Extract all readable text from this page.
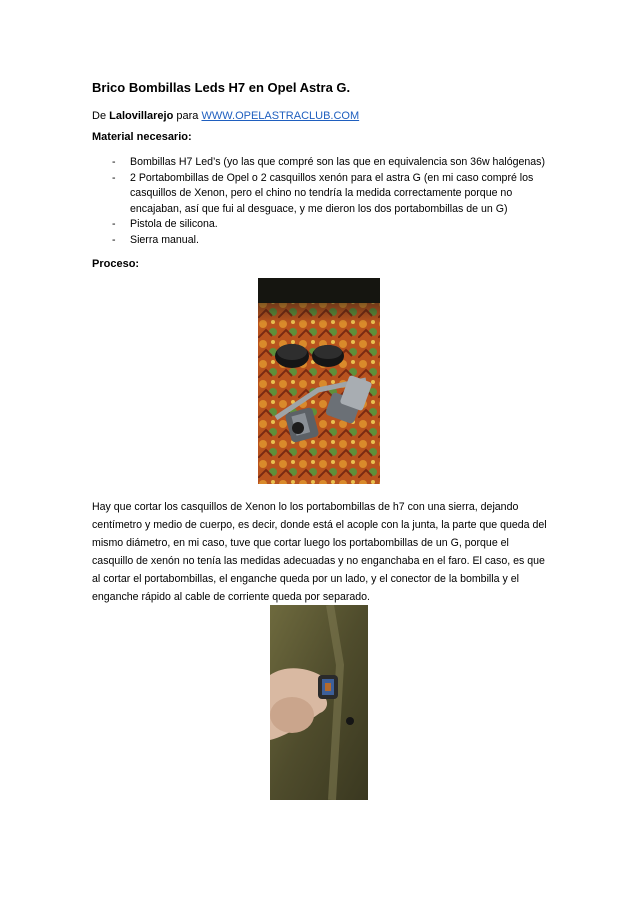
Brico Bombillas Leds H7 en Opel Astra G.
De Lalovillarejo para WWW.OPELASTRACLUB.COM
Material necesario:
- Bombillas H7 Led’s (yo las que compré son las que en equivalencia son 36w halógenas)
- 2 Portabombillas de Opel o 2 casquillos xenón para el astra G (en mi caso compré los casquillos de Xenon, pero el chino no tendría la medida correctamente porque no encajaban, así que fui al desguace, y me dieron los dos portabombillas de un G)
- Pistola de silicona.
- Sierra manual.
Proceso:

Hay que cortar los casquillos de Xenon lo los portabombillas de h7 con una sierra, dejando centímetro y medio de cuerpo, es decir, donde está el acople con la junta, la parte que queda del mismo diámetro, en mi caso, tuve que cortar luego los portabombillas de un G, porque el casquillo de xenón no tenía las medidas adecuadas y no enganchaba en el faro. El caso, es que al cortar el portabombillas, el enganche queda por un lado, y el conector de la bombilla y el enganche rápido al cable de corriente queda por separado.
